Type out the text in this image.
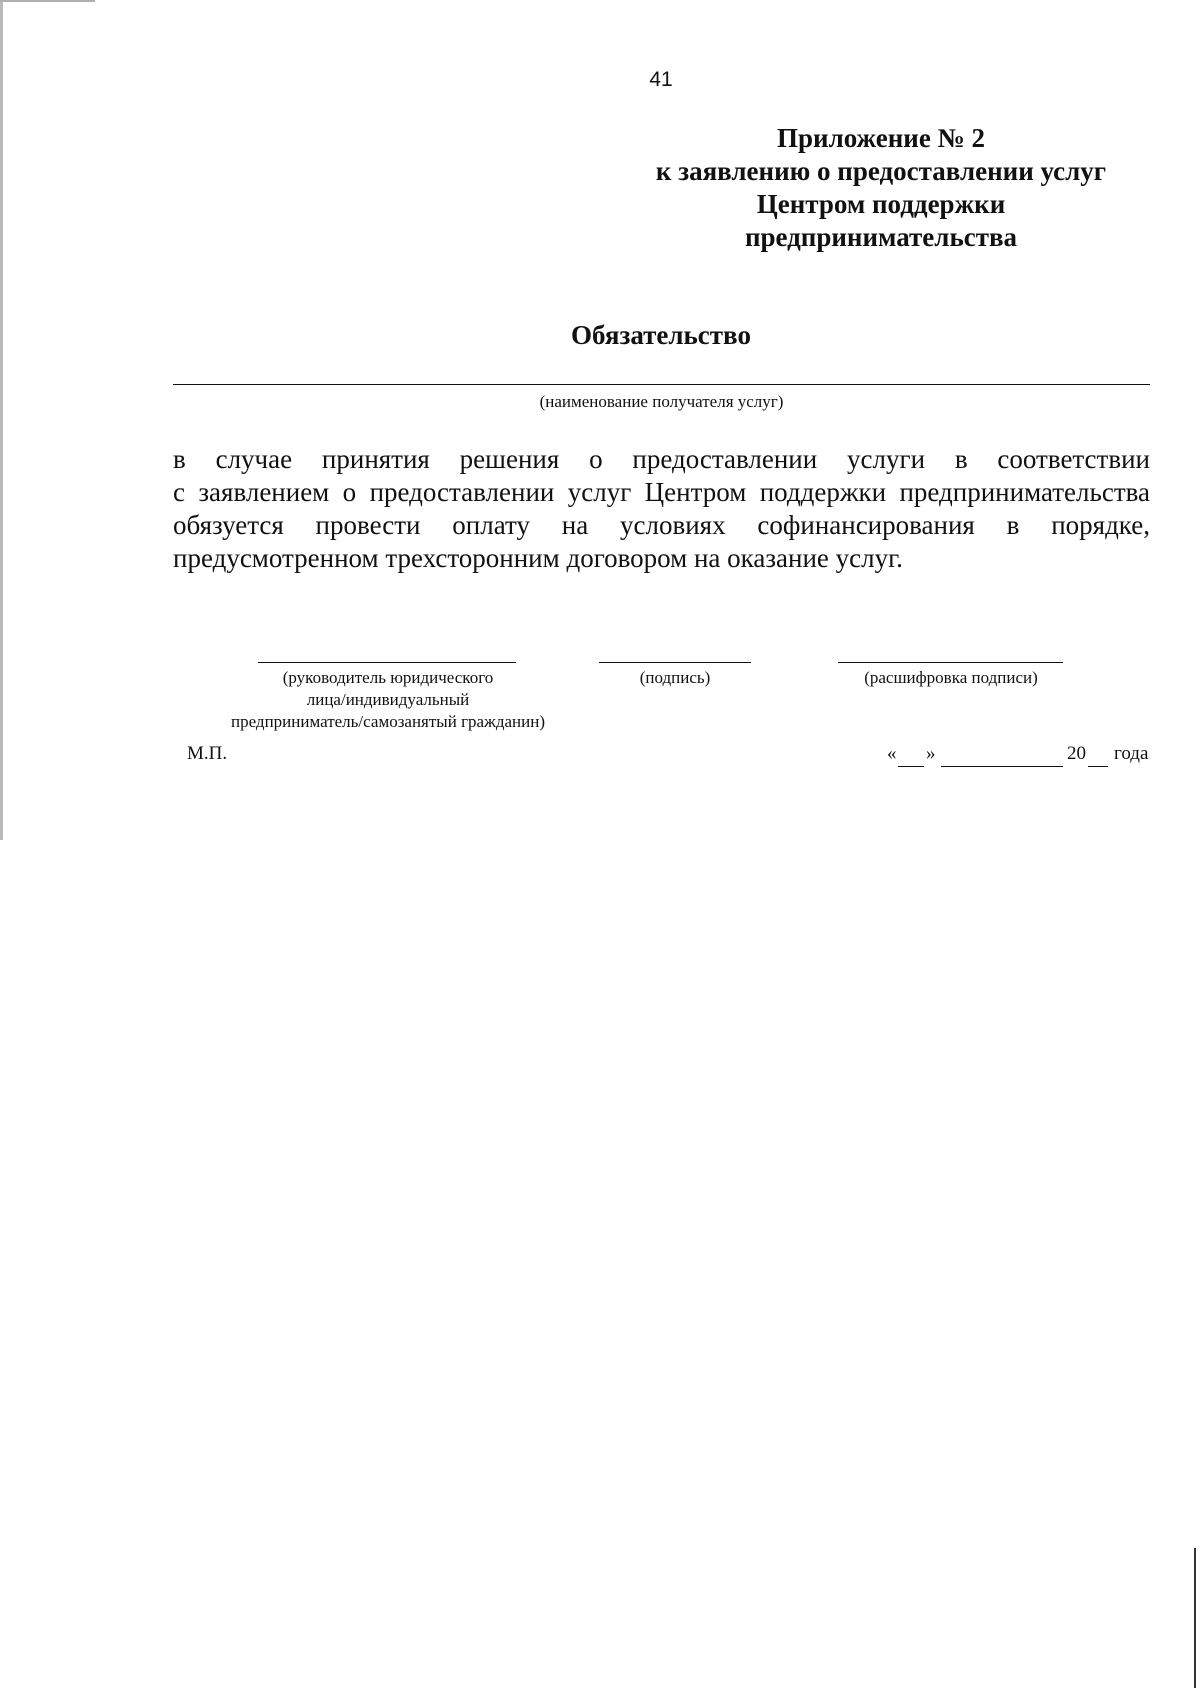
41
Приложение № 2
к заявлению о предоставлении услуг
Центром поддержки
предпринимательства
Обязательство
(наименование получателя услуг)
в случае принятия решения о предоставлении услуги в соответствии
с заявлением о предоставлении услуг Центром поддержки предпринимательства
обязуется провести оплату на условиях софинансирования в порядке,
предусмотренном трехсторонним договором на оказание услуг.
(руководитель юридического
лица/индивидуальный
предприниматель/самозанятый гражданин)
(подпись)	(расшифровка подписи)
М.П.	« »	20 года
